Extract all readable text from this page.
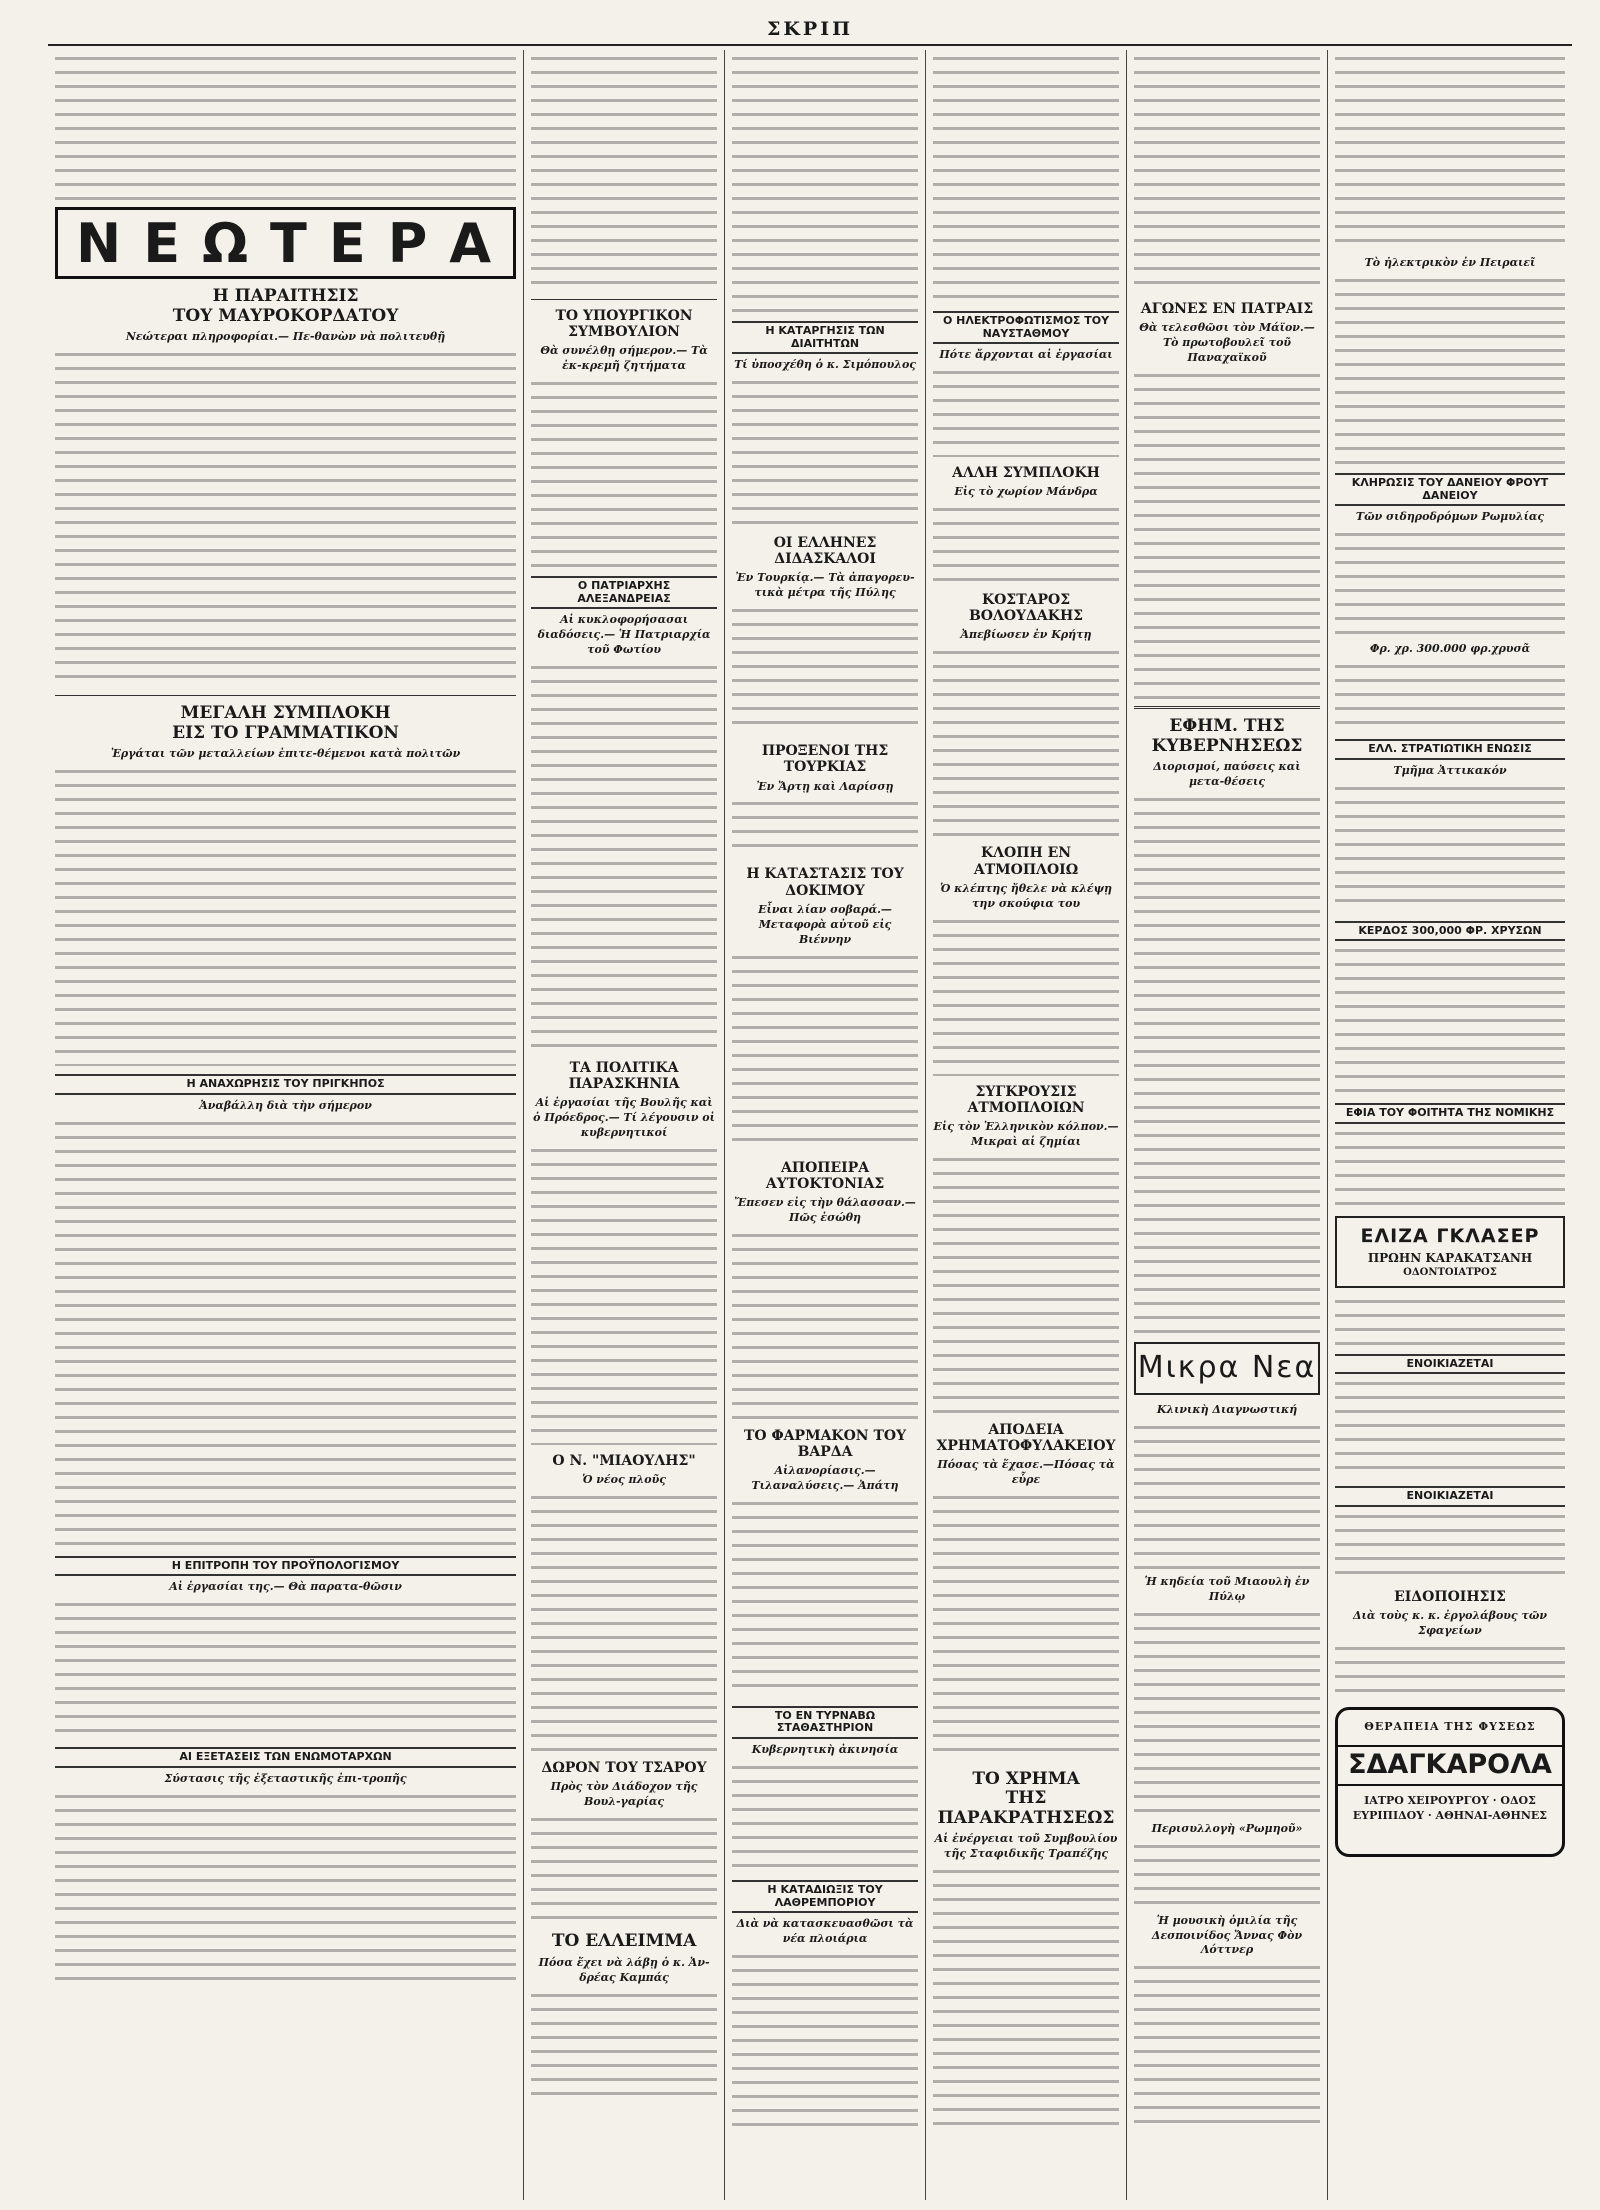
ΣΚΡΙΠ
ΝΕΩΤΕΡΑ
Η ΠΑΡΑΙΤΗΣΙΣ
ΤΟΥ ΜΑΥΡΟΚΟΡΔΑΤΟΥ
Νεώτεραι πληροφορίαι.— Πε-θανὼν νὰ πολιτευθῇ
ΜΕΓΑΛΗ ΣΥΜΠΛΟΚΗ
ΕΙΣ ΤΟ ΓΡΑΜΜΑΤΙΚΟΝ
Ἐργάται τῶν μεταλλείων ἐπιτε-θέμενοι κατὰ πολιτῶν
Η ΑΝΑΧΩΡΗΣΙΣ ΤΟΥ ΠΡΙΓΚΗΠΟΣ
Ἀναβάλλη διὰ τὴν σήμερον
Η ΕΠΙΤΡΟΠΗ ΤΟΥ ΠΡΟΫΠΟΛΟΓΙΣΜΟΥ
Αἱ ἐργασίαι της.— Θὰ παρατα-θῶσιν
ΑΙ ΕΞΕΤΑΣΕΙΣ ΤΩΝ ΕΝΩΜΟΤΑΡΧΩΝ
Σύστασις τῆς ἐξεταστικῆς ἐπι-τροπῆς
ΤΟ ΥΠΟΥΡΓΙΚΟΝ ΣΥΜΒΟΥΛΙΟΝ
Θὰ συνέλθῃ σήμερον.— Τὰ ἐκ-κρεμῆ ζητήματα
Ο ΠΑΤΡΙΑΡΧΗΣ ΑΛΕΞΑΝΔΡΕΙΑΣ
Αἱ κυκλοφορήσασαι διαδόσεις.— Ἡ Πατριαρχία τοῦ Φωτίου
ΤΑ ΠΟΛΙΤΙΚΑ ΠΑΡΑΣΚΗΝΙΑ
Αἱ ἐργασίαι τῆς Βουλῆς καὶ ὁ Πρόεδρος.— Τί λέγουσιν οἱ κυβερνητικοί
Ο Ν. "ΜΙΑΟΥΛΗΣ"
Ὁ νέος πλοῦς
ΔΩΡΟΝ ΤΟΥ ΤΣΑΡΟΥ
Πρὸς τὸν Διάδοχον τῆς Βουλ-γαρίας
ΤΟ ΕΛΛΕΙΜΜΑ
Πόσα ἔχει νὰ λάβῃ ὁ κ. Ἀν-δρέας Καμπάς
Η ΚΑΤΑΡΓΗΣΙΣ ΤΩΝ ΔΙΑΙΤΗΤΩΝ
Τί ὑποσχέθη ὁ κ. Σιμόπουλος
ΟΙ ΕΛΛΗΝΕΣ ΔΙΔΑΣΚΑΛΟΙ
Ἐν Τουρκίᾳ.— Τὰ ἀπαγορευ-τικὰ μέτρα τῆς Πύλης
ΠΡΟΞΕΝΟΙ ΤΗΣ ΤΟΥΡΚΙΑΣ
Ἐν Ἄρτῃ καὶ Λαρίσσῃ
Η ΚΑΤΑΣΤΑΣΙΣ ΤΟΥ ΔΟΚΙΜΟΥ
Εἶναι λίαν σοβαρά.— Μεταφορὰ αὐτοῦ εἰς Βιέννην
ΑΠΟΠΕΙΡΑ ΑΥΤΟΚΤΟΝΙΑΣ
Ἔπεσεν εἰς τὴν θάλασσαν.— Πῶς ἐσώθη
ΤΟ ΦΑΡΜΑΚΟΝ ΤΟΥ ΒΑΡΔΑ
Αἰλανορίασις.— Τιλαναλύσεις.— Ἀπάτη
ΤΟ ΕΝ ΤΥΡΝΑΒΩ ΣΤΑΘΑΣΤΗΡΙΟΝ
Κυβερνητικὴ ἀκινησία
Η ΚΑΤΑΔΙΩΞΙΣ ΤΟΥ ΛΑΘΡΕΜΠΟΡΙΟΥ
Διὰ νὰ κατασκευασθῶσι τὰ νέα πλοιάρια
Ο ΗΛΕΚΤΡΟΦΩΤΙΣΜΟΣ ΤΟΥ ΝΑΥΣΤΑΘΜΟΥ
Πότε ἄρχονται αἱ ἐργασίαι
ΑΛΛΗ ΣΥΜΠΛΟΚΗ
Εἰς τὸ χωρίον Μάνδρα
ΚΟΣΤΑΡΟΣ ΒΟΛΟΥΔΑΚΗΣ
Ἀπεβίωσεν ἐν Κρήτῃ
ΚΛΟΠΗ ΕΝ ΑΤΜΟΠΛΟΙΩ
Ὁ κλέπτης ἤθελε νὰ κλέψῃ την σκούφια του
ΣΥΓΚΡΟΥΣΙΣ ΑΤΜΟΠΛΟΙΩΝ
Εἰς τὸν Ἑλληνικὸν κόλπον.— Μικραὶ αἱ ζημίαι
ΑΠΟΔΕΙΑ ΧΡΗΜΑΤΟΦΥΛΑΚΕΙΟΥ
Πόσας τὰ ἔχασε.—Πόσας τὰ εὗρε
ΤΟ ΧΡΗΜΑ
ΤΗΣ ΠΑΡΑΚΡΑΤΗΣΕΩΣ
Αἱ ἐνέργειαι τοῦ Συμβουλίου τῆς Σταφιδικῆς Τραπέζης
ΑΓΩΝΕΣ ΕΝ ΠΑΤΡΑΙΣ
Θὰ τελεσθῶσι τὸν Μάϊον.— Τὸ πρωτοβουλεῖ τοῦ Παναχαϊκοῦ
ΕΦΗΜ. ΤΗΣ ΚΥΒΕΡΝΗΣΕΩΣ
Διορισμοί, παύσεις καὶ μετα-θέσεις
Μικρα Νεα
Κλινικὴ Διαγνωστική
Ἡ κηδεία τοῦ Μιαουλὴ ἐν Πύλῳ
Περισυλλογὴ «Ρωμηοῦ»
Ἡ μουσικὴ ὁμιλία τῆς Δεσποινίδος Ἄννας Φὸν Λόττνερ
Τὸ ἠλεκτρικὸν ἐν Πειραιεῖ
ΚΛΗΡΩΣΙΣ ΤΟΥ ΔΑΝΕΙΟΥ ΦΡΟΥΤ ΔΑΝΕΙΟΥ
Τῶν σιδηροδρόμων Ρωμυλίας
Φρ. χρ. 300.000 φρ.χρυσᾶ
ΕΛΛ. ΣΤΡΑΤΙΩΤΙΚΗ ΕΝΩΣΙΣ
Τμῆμα Ἀττικακόν
ΚΕΡΔΟΣ 300,000 ΦΡ. ΧΡΥΣΩΝ
ΕΦΙΑ ΤΟΥ ΦΟΙΤΗΤΑ ΤΗΣ ΝΟΜΙΚΗΣ
ΕΛΙΖΑ ΓΚΛΑΣΕΡ
ΠΡΩΗΝ ΚΑΡΑΚΑΤΣΑΝΗ
ΟΔΟΝΤΟΙΑΤΡΟΣ
ΕΝΟΙΚΙΑΖΕΤΑΙ
ΕΝΟΙΚΙΑΖΕΤΑΙ
ΕΙΔΟΠΟΙΗΣΙΣ
Διὰ τοὺς κ. κ. ἐργολάβους τῶν Σφαγείων
ΘΕΡΑΠΕΙΑ ΤΗΣ ΦΥΣΕΩΣ
ΣΔΑΓΚΑΡΟΛΑ
ΙΑΤΡΟ ΧΕΙΡΟΥΡΓΟΥ · ΟΔΟΣ ΕΥΡΙΠΙΔΟΥ · ΑΘΗΝΑΙ-ΑΘΗΝΕΣ
